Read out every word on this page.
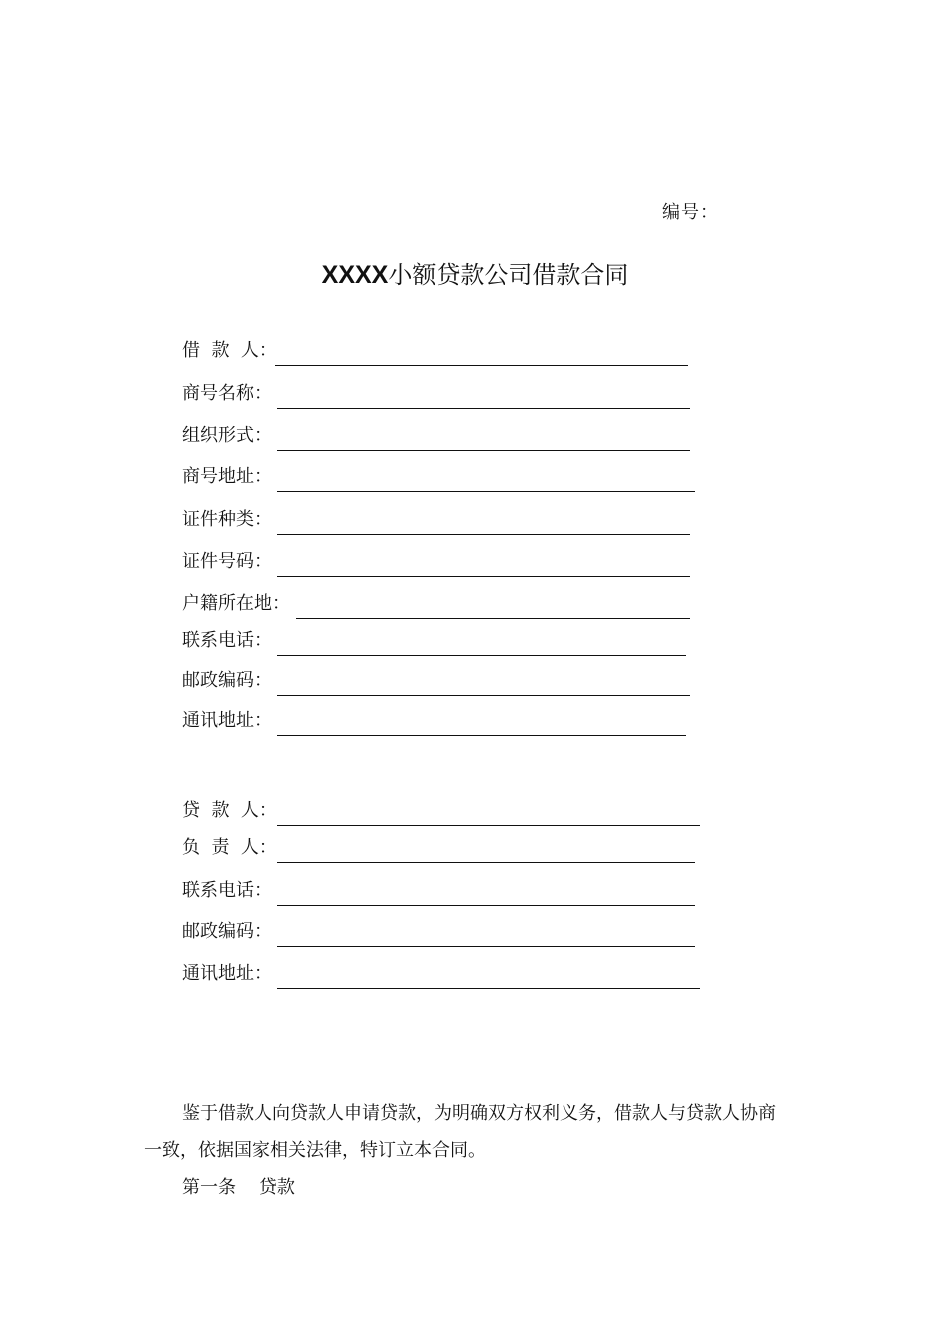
编号：
XXXX小额贷款公司借款合同
借  款  人：
商号名称：
组织形式：
商号地址：
证件种类：
证件号码：
户籍所在地：
联系电话：
邮政编码：
通讯地址：
贷  款  人：
负  责  人：
联系电话：
邮政编码：
通讯地址：
鉴于借款人向贷款人申请贷款，为明确双方权利义务，借款人与贷款人协商
一致，依据国家相关法律，特订立本合同。
第一条    贷款
